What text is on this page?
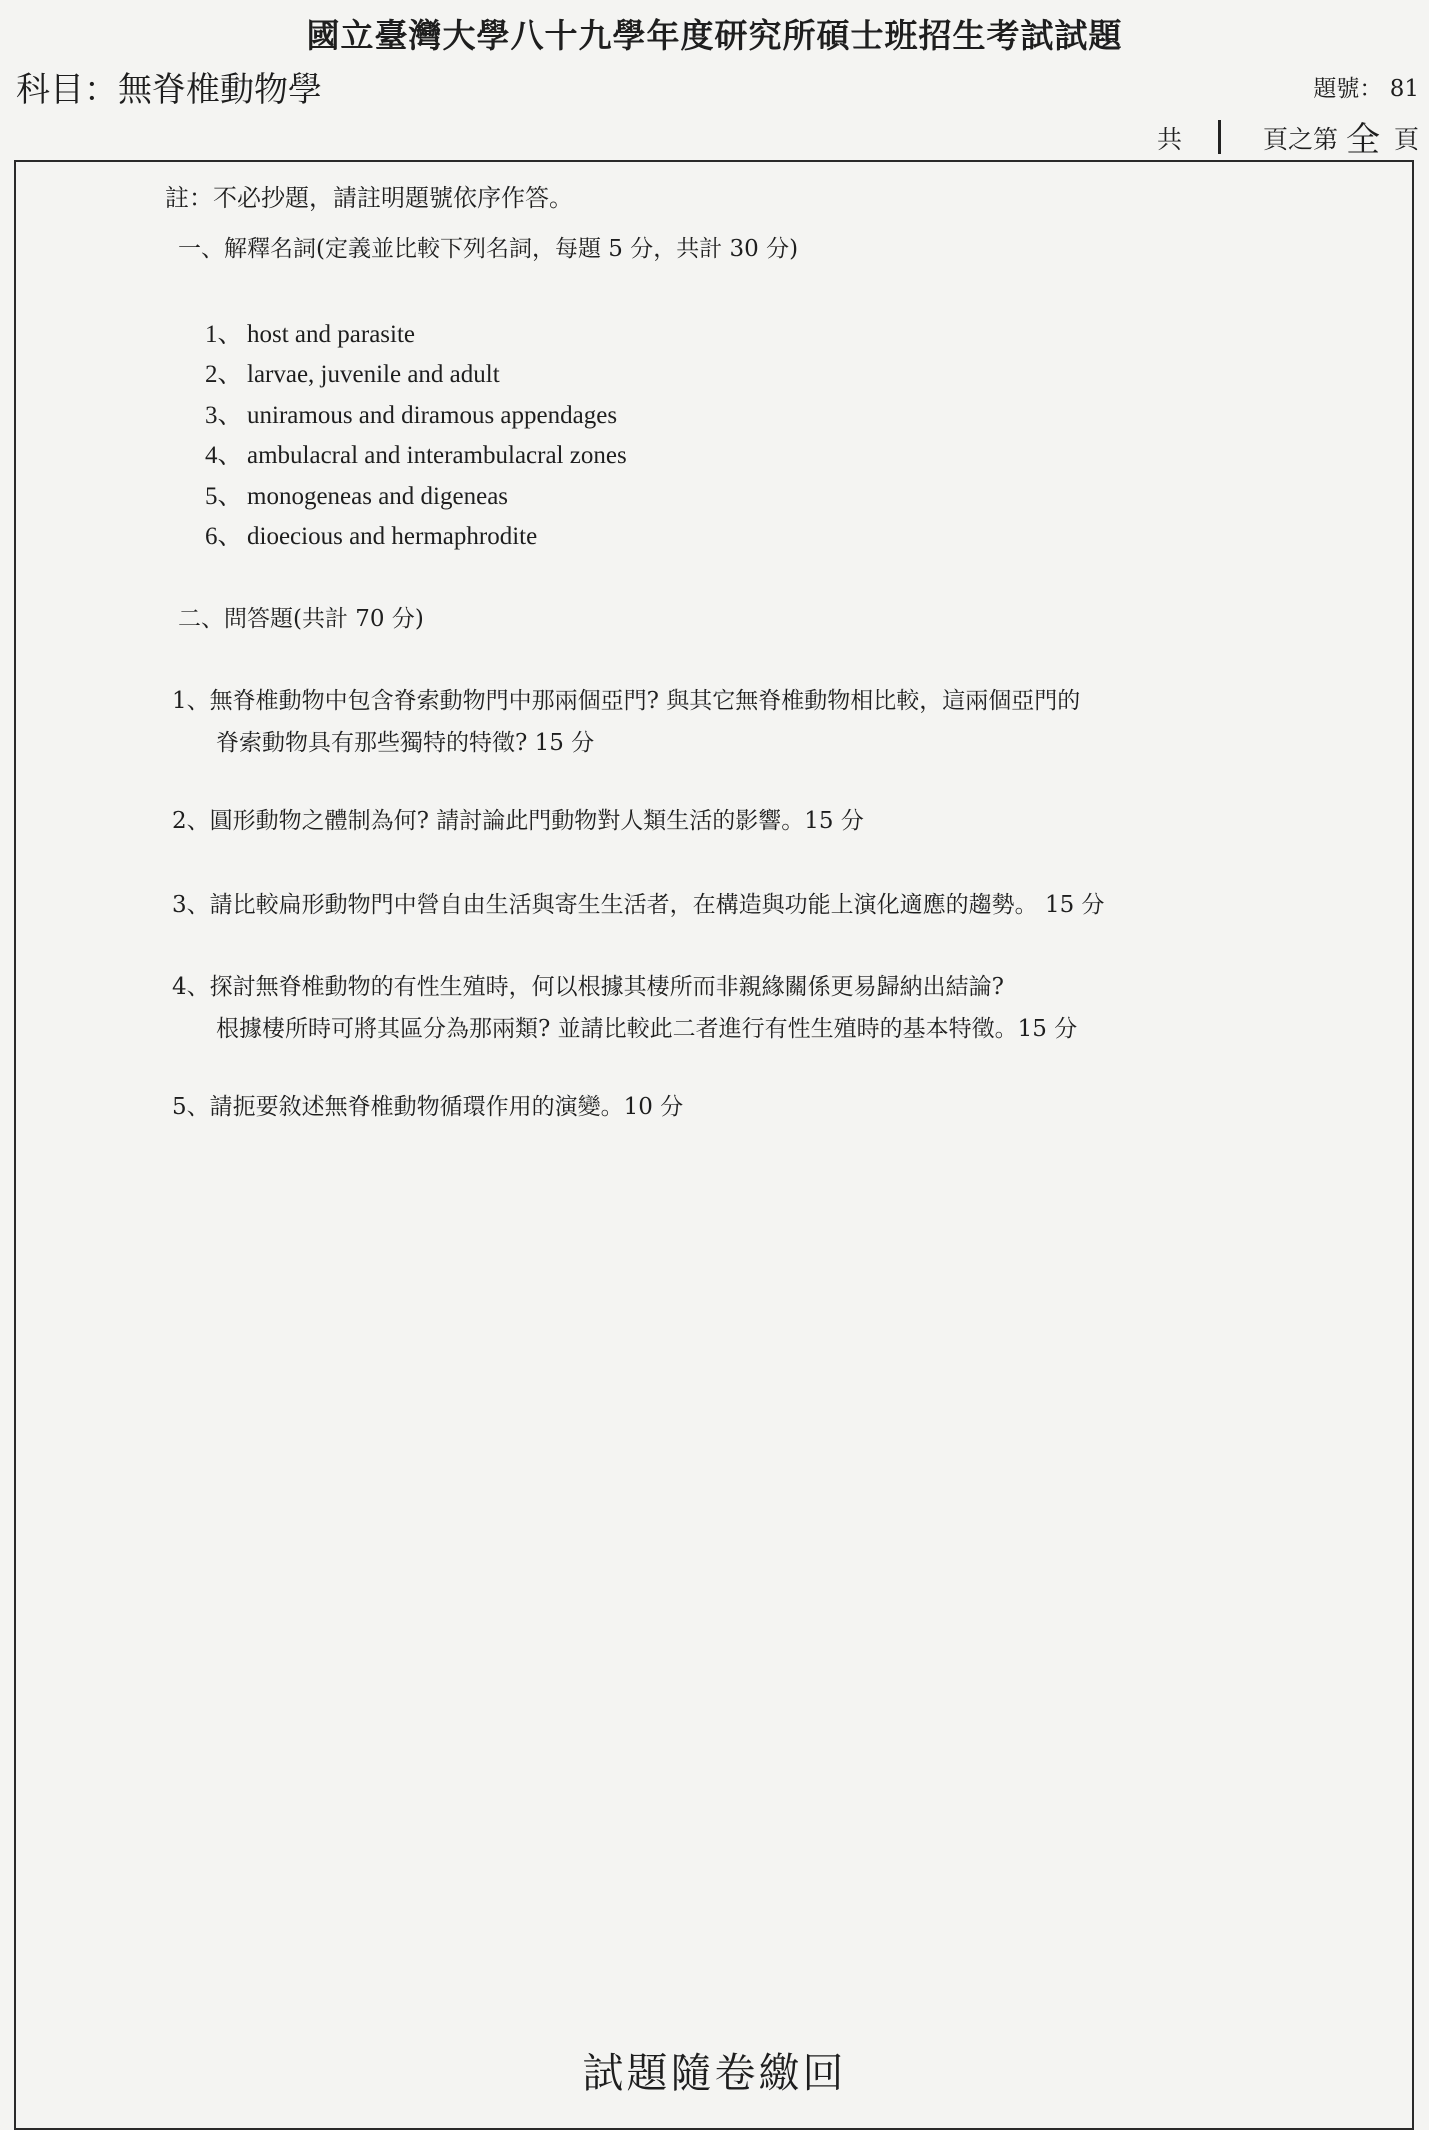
國立臺灣大學八十九學年度研究所碩士班招生考試試題
科目：無脊椎動物學	題號： 81
共	頁之第 全 頁
註：不必抄題，請註明題號依序作答。
一、解釋名詞(定義並比較下列名詞，每題 5 分，共計 30 分)
1、 host and parasite
2、 larvae, juvenile and adult
3、 uniramous and diramous appendages
4、 ambulacral and interambulacral zones
5、 monogeneas and digeneas
6、 dioecious and hermaphrodite
二、問答題(共計 70 分)
1、無脊椎動物中包含脊索動物門中那兩個亞門? 與其它無脊椎動物相比較，這兩個亞門的
脊索動物具有那些獨特的特徵? 15 分
2、圓形動物之體制為何? 請討論此門動物對人類生活的影響。15 分
3、請比較扁形動物門中營自由生活與寄生生活者，在構造與功能上演化適應的趨勢。 15 分
4、探討無脊椎動物的有性生殖時，何以根據其棲所而非親緣關係更易歸納出結論?
根據棲所時可將其區分為那兩類? 並請比較此二者進行有性生殖時的基本特徵。15 分
5、請扼要敘述無脊椎動物循環作用的演變。10 分
試題隨卷繳回
